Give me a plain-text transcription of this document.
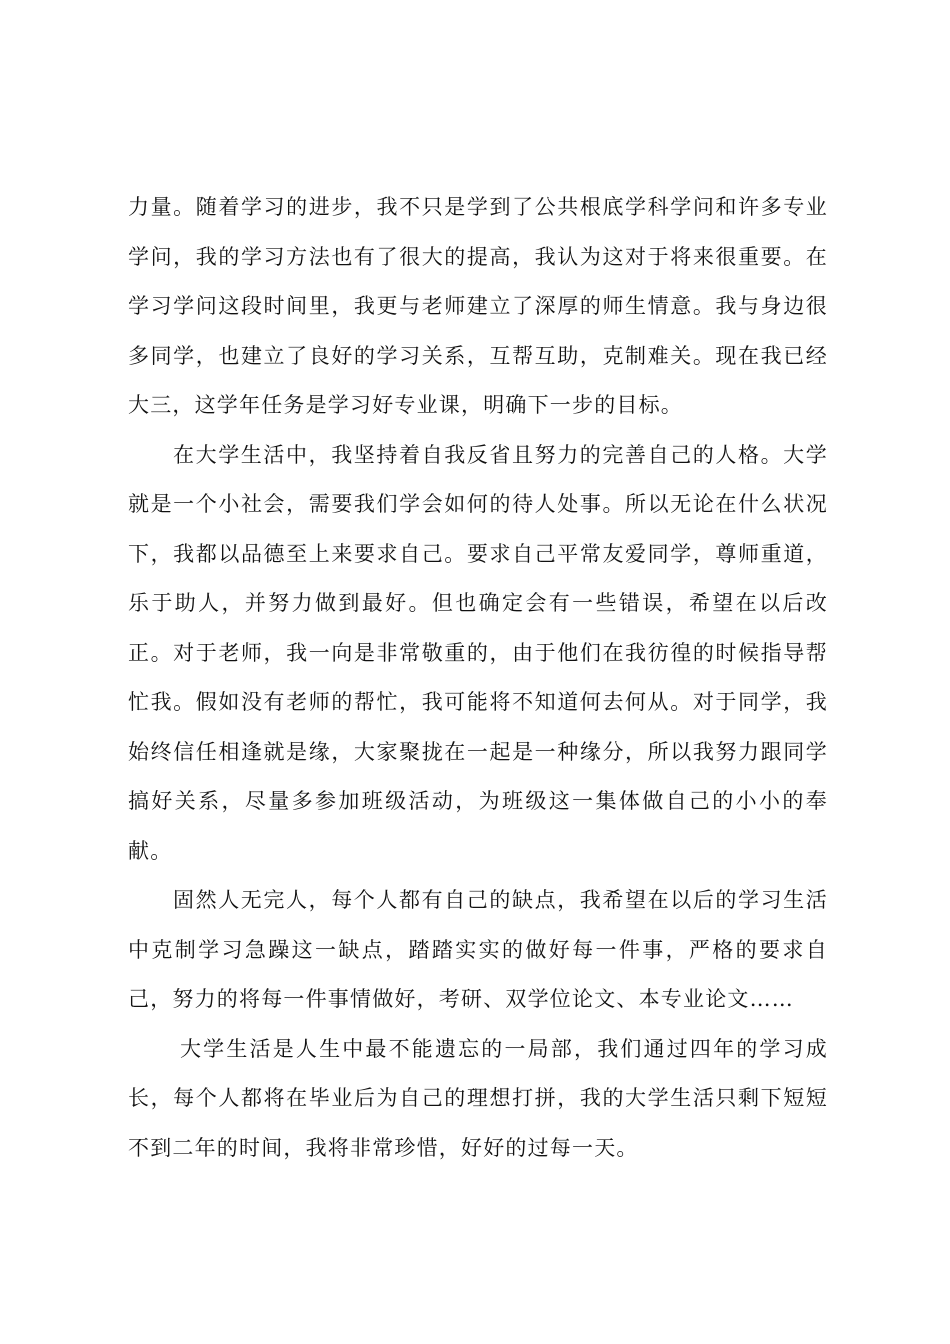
力量。随着学习的进步，我不只是学到了公共根底学科学问和许多专业学问，我的学习方法也有了很大的提高，我认为这对于将来很重要。在学习学问这段时间里，我更与老师建立了深厚的师生情意。我与身边很多同学，也建立了良好的学习关系，互帮互助，克制难关。现在我已经大三，这学年任务是学习好专业课，明确下一步的目标。

在大学生活中，我坚持着自我反省且努力的完善自己的人格。大学就是一个小社会，需要我们学会如何的待人处事。所以无论在什么状况下，我都以品德至上来要求自己。要求自己平常友爱同学，尊师重道，乐于助人，并努力做到最好。但也确定会有一些错误，希望在以后改正。对于老师，我一向是非常敬重的，由于他们在我彷徨的时候指导帮忙我。假如没有老师的帮忙，我可能将不知道何去何从。对于同学，我始终信任相逢就是缘，大家聚拢在一起是一种缘分，所以我努力跟同学搞好关系，尽量多参加班级活动，为班级这一集体做自己的小小的奉献。

固然人无完人，每个人都有自己的缺点，我希望在以后的学习生活中克制学习急躁这一缺点，踏踏实实的做好每一件事，严格的要求自己，努力的将每一件事情做好，考研、双学位论文、本专业论文……

大学生活是人生中最不能遗忘的一局部，我们通过四年的学习成长，每个人都将在毕业后为自己的理想打拼，我的大学生活只剩下短短不到二年的时间，我将非常珍惜，好好的过每一天。
